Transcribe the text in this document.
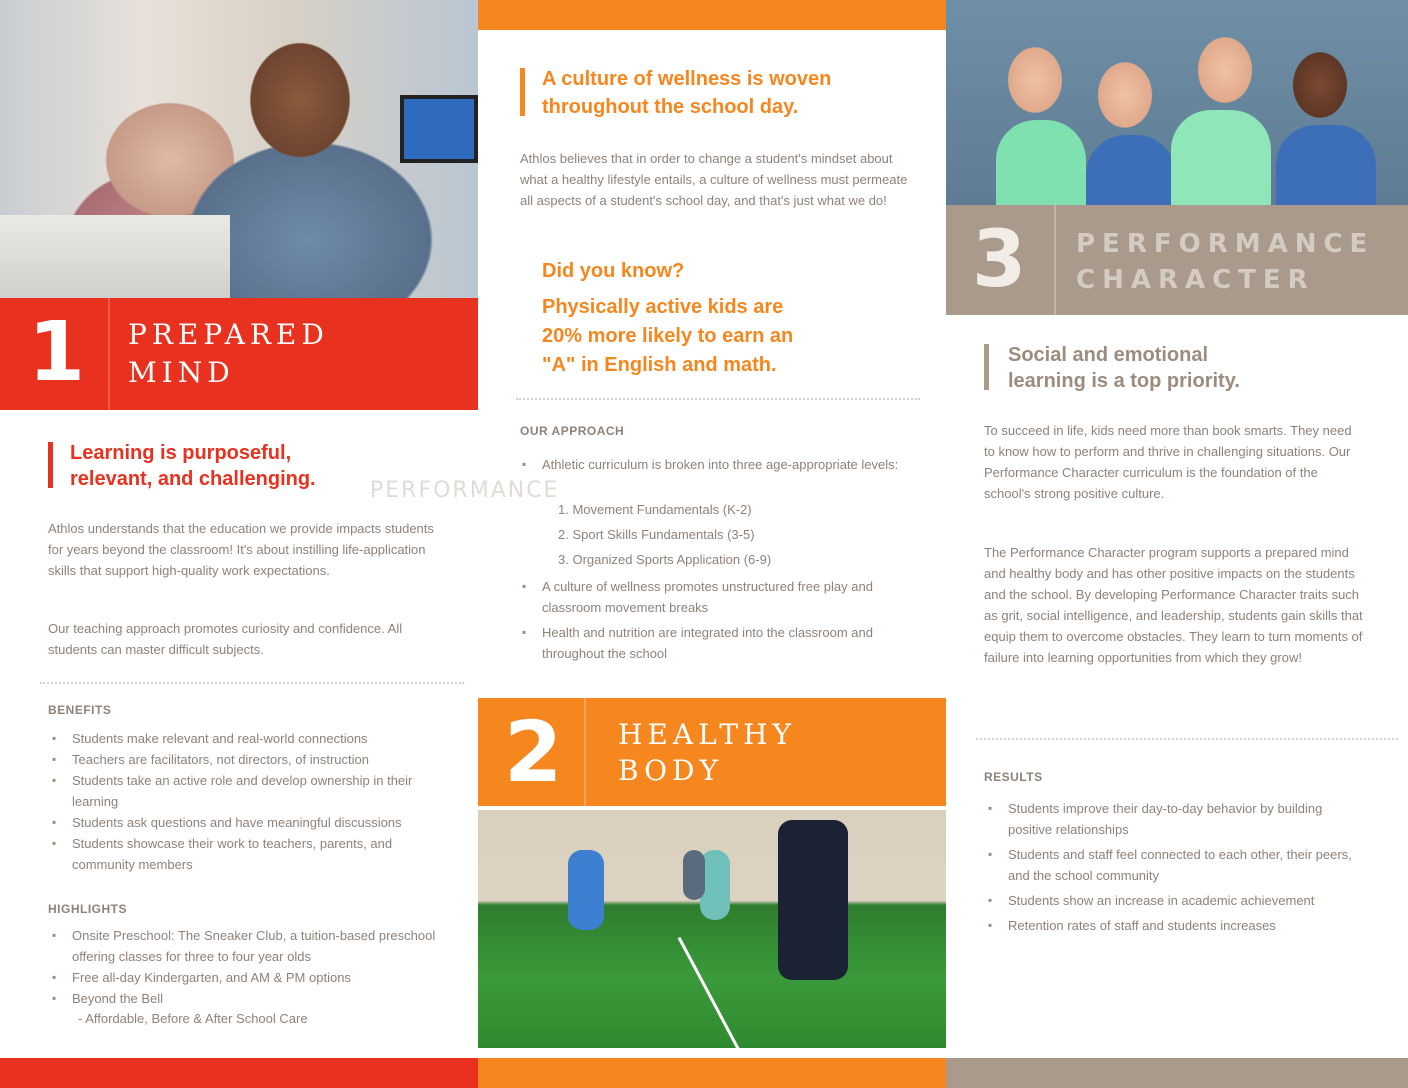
1 PREPARED
MIND
Learning is purposeful,
relevant, and challenging.
Athlos understands that the education we provide impacts students for years beyond the classroom! It's about instilling life-application skills that support high-quality work expectations.
Our teaching approach promotes curiosity and confidence. All students can master difficult subjects.
BENEFITS
▪ Students make relevant and real-world connections
▪ Teachers are facilitators, not directors, of instruction
▪ Students take an active role and develop ownership in their learning
▪ Students ask questions and have meaningful discussions
▪ Students showcase their work to teachers, parents, and community members
HIGHLIGHTS
▪ Onsite Preschool: The Sneaker Club, a tuition-based preschool offering classes for three to four year olds
▪ Free all-day Kindergarten, and AM & PM options
▪ Beyond the Bell
- Affordable, Before & After School Care
A culture of wellness is woven
throughout the school day.
Athlos believes that in order to change a student's mindset about what a healthy lifestyle entails, a culture of wellness must permeate all aspects of a student's school day, and that's just what we do!
Did you know?
Physically active kids are
20% more likely to earn an
"A" in English and math.
OUR APPROACH
▪ Athletic curriculum is broken into three age-appropriate levels:
1. Movement Fundamentals (K-2)
2. Sport Skills Fundamentals (3-5)
3. Organized Sports Application (6-9)
▪ A culture of wellness promotes unstructured free play and classroom movement breaks
▪ Health and nutrition are integrated into the classroom and throughout the school
2 HEALTHY
BODY
3 PERFORMANCE
CHARACTER
Social and emotional
learning is a top priority.
To succeed in life, kids need more than book smarts. They need to know how to perform and thrive in challenging situations. Our Performance Character curriculum is the foundation of the school's strong positive culture.
The Performance Character program supports a prepared mind and healthy body and has other positive impacts on the students and the school. By developing Performance Character traits such as grit, social intelligence, and leadership, students gain skills that equip them to overcome obstacles. They learn to turn moments of failure into learning opportunities from which they grow!
RESULTS
▪ Students improve their day-to-day behavior by building positive relationships
▪ Students and staff feel connected to each other, their peers, and the school community
▪ Students show an increase in academic achievement
▪ Retention rates of staff and students increases
PERFORMANCE
